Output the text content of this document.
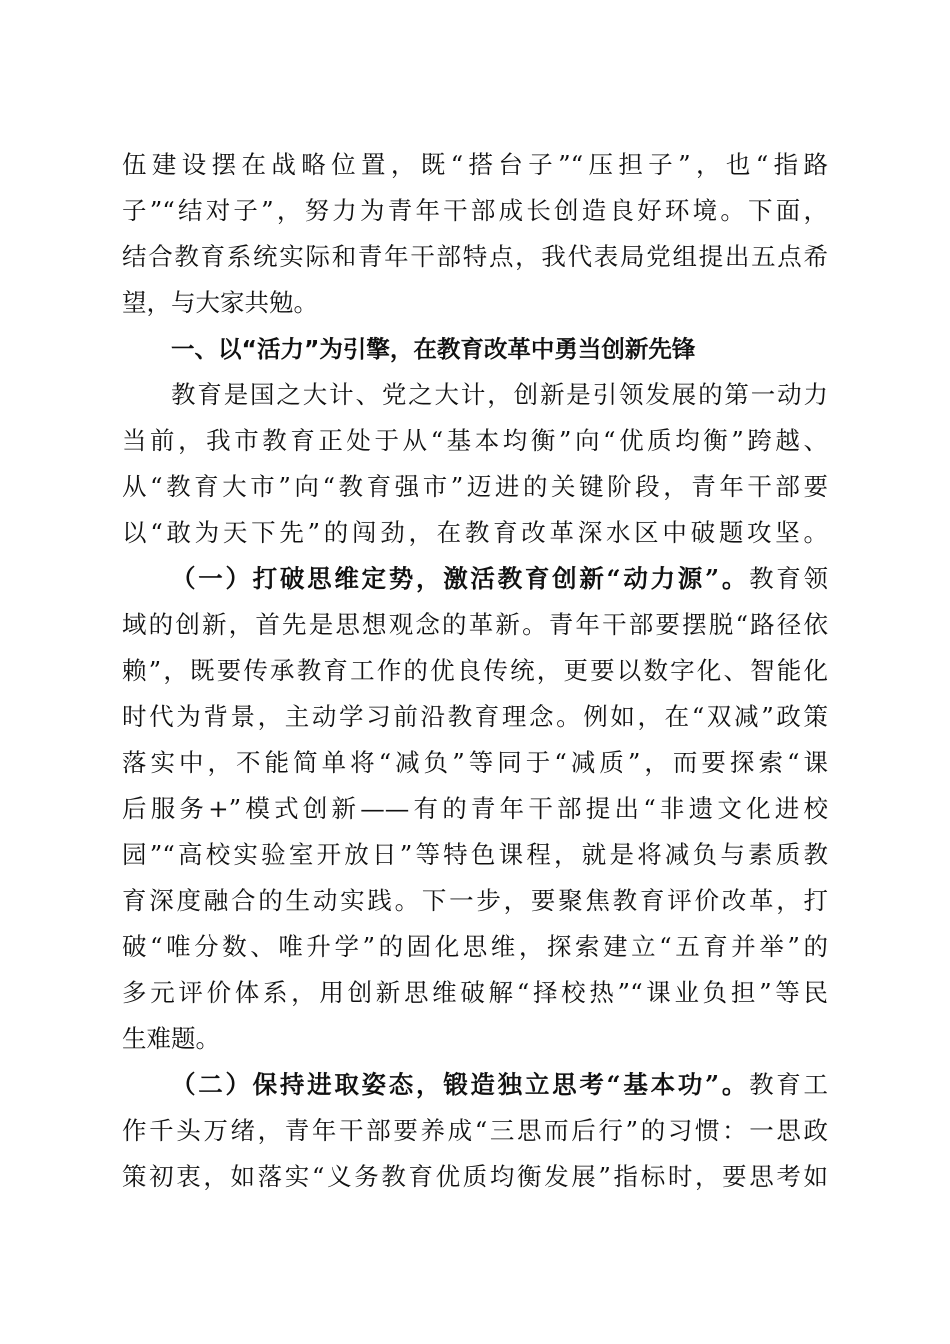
伍建设摆在战略位置，既“搭台子”“压担子”，也“指路
子”“结对子”，努力为青年干部成长创造良好环境。下面，
结合教育系统实际和青年干部特点，我代表局党组提出五点希
望，与大家共勉。
一、以“活力”为引擎，在教育改革中勇当创新先锋
教育是国之大计、党之大计，创新是引领发展的第一动力
当前，我市教育正处于从“基本均衡”向“优质均衡”跨越、
从“教育大市”向“教育强市”迈进的关键阶段，青年干部要
以“敢为天下先”的闯劲，在教育改革深水区中破题攻坚。
（一）打破思维定势，激活教育创新“动力源”。教育领
域的创新，首先是思想观念的革新。青年干部要摆脱“路径依
赖”，既要传承教育工作的优良传统，更要以数字化、智能化
时代为背景，主动学习前沿教育理念。例如，在“双减”政策
落实中，不能简单将“减负”等同于“减质”，而要探索“课
后服务+”模式创新——有的青年干部提出“非遗文化进校
园”“高校实验室开放日”等特色课程，就是将减负与素质教
育深度融合的生动实践。下一步，要聚焦教育评价改革，打
破“唯分数、唯升学”的固化思维，探索建立“五育并举”的
多元评价体系，用创新思维破解“择校热”“课业负担”等民
生难题。
（二）保持进取姿态，锻造独立思考“基本功”。教育工
作千头万绪，青年干部要养成“三思而后行”的习惯：一思政
策初衷，如落实“义务教育优质均衡发展”指标时，要思考如
